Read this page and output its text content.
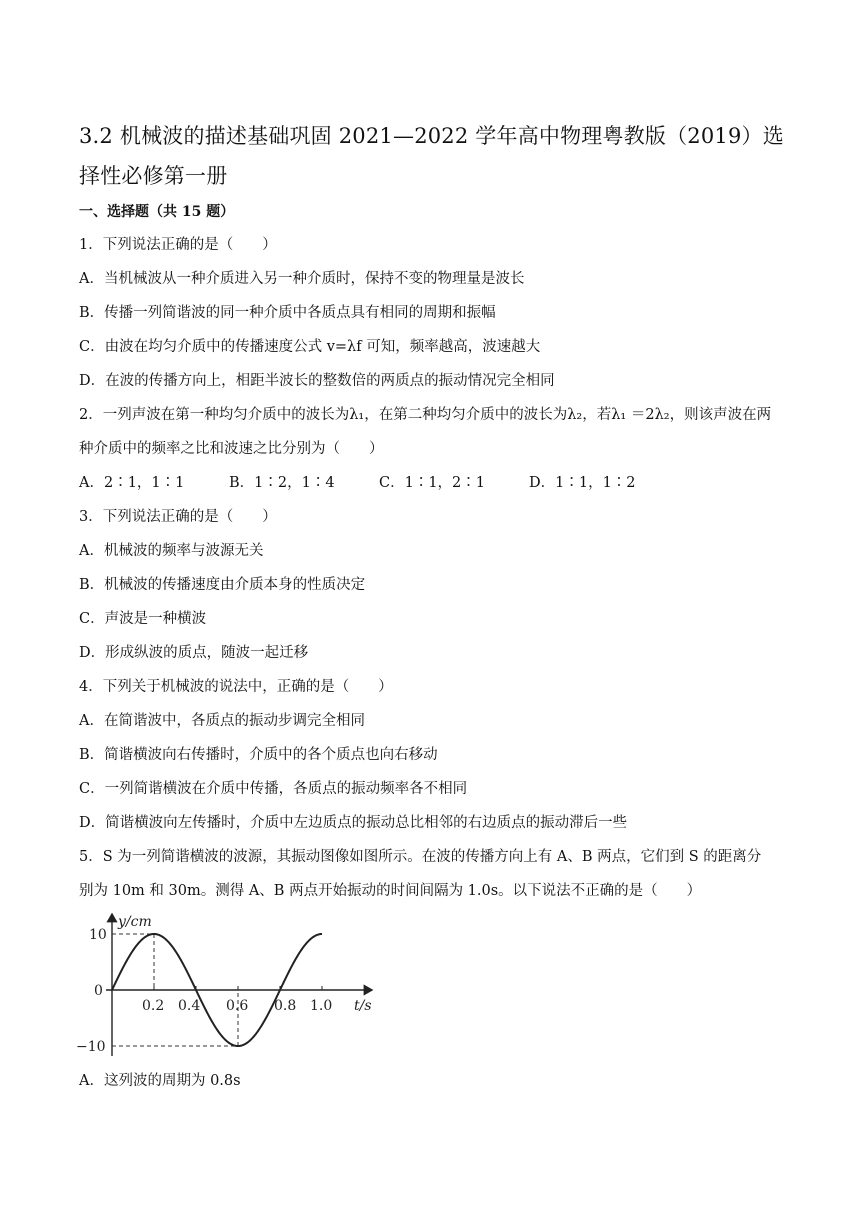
3.2 机械波的描述基础巩固 2021—2022 学年高中物理粤教版（2019）选择性必修第一册
一、选择题（共 15 题）
1．下列说法正确的是（　　）
A．当机械波从一种介质进入另一种介质时，保持不变的物理量是波长
B．传播一列简谐波的同一种介质中各质点具有相同的周期和振幅
C．由波在均匀介质中的传播速度公式 v=λf 可知，频率越高，波速越大
D．在波的传播方向上，相距半波长的整数倍的两质点的振动情况完全相同
2．一列声波在第一种均匀介质中的波长为λ₁，在第二种均匀介质中的波长为λ₂，若λ₁ ＝2λ₂，则该声波在两
种介质中的频率之比和波速之比分别为（　　）
A．2∶1，1∶1	B．1∶2，1∶4	C．1∶1，2∶1	D．1∶1，1∶2
3．下列说法正确的是（　　）
A．机械波的频率与波源无关
B．机械波的传播速度由介质本身的性质决定
C．声波是一种横波
D．形成纵波的质点，随波一起迁移
4．下列关于机械波的说法中，正确的是（　　）
A．在简谐波中，各质点的振动步调完全相同
B．简谐横波向右传播时，介质中的各个质点也向右移动
C．一列简谐横波在介质中传播，各质点的振动频率各不相同
D．简谐横波向左传播时，介质中左边质点的振动总比相邻的右边质点的振动滞后一些
5．S 为一列简谐横波的波源，其振动图像如图所示。在波的传播方向上有 A、B 两点，它们到 S 的距离分
别为 10m 和 30m。测得 A、B 两点开始振动的时间间隔为 1.0s。以下说法不正确的是（　　）
0.2 0.4 0.6 0.8 1.0
10
−10
y/cm
t/s
0
A．这列波的周期为 0.8s
